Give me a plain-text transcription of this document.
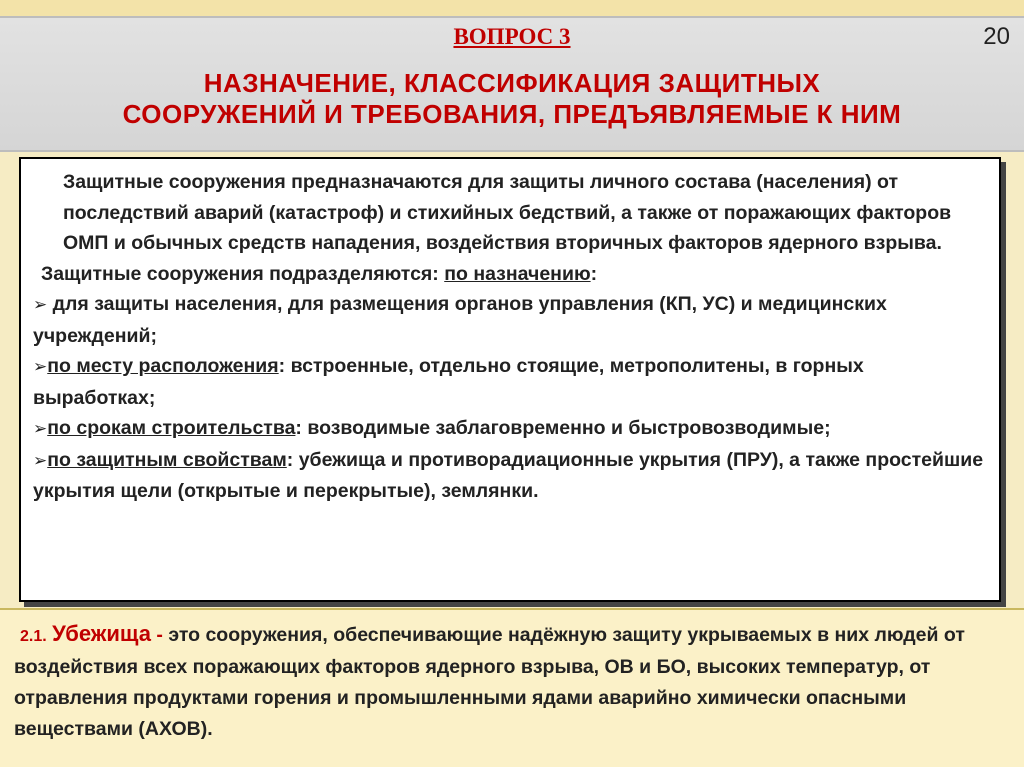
20
ВОПРОС 3
НАЗНАЧЕНИЕ, КЛАССИФИКАЦИЯ ЗАЩИТНЫХ
СООРУЖЕНИЙ И ТРЕБОВАНИЯ, ПРЕДЪЯВЛЯЕМЫЕ К НИМ

Защитные сооружения предназначаются для защиты личного состава (населения) от последствий аварий (катастроф) и стихийных бедствий, а также от поражающих факторов ОМП и обычных средств нападения, воздействия вторичных факторов ядерного взрыва.

Защитные сооружения подразделяются: по назначению:

➢ для защиты населения, для размещения органов управления (КП, УС) и медицинских учреждений;

➢по месту расположения: встроенные, отдельно стоящие, метрополитены, в горных выработках;

➢по срокам строительства: возводимые заблаговременно и быстровозводимые;

➢по защитным свойствам: убежища и противорадиационные укрытия (ПРУ), а также простейшие укрытия щели (открытые и перекрытые), землянки.

2.1. Убежища - это сооружения, обеспечивающие надёжную защиту укрываемых в них людей от воздействия всех поражающих факторов ядерного взрыва, ОВ и БО, высоких температур, от отравления продуктами горения и промышленными ядами аварийно химически опасными веществами (АХОВ).
